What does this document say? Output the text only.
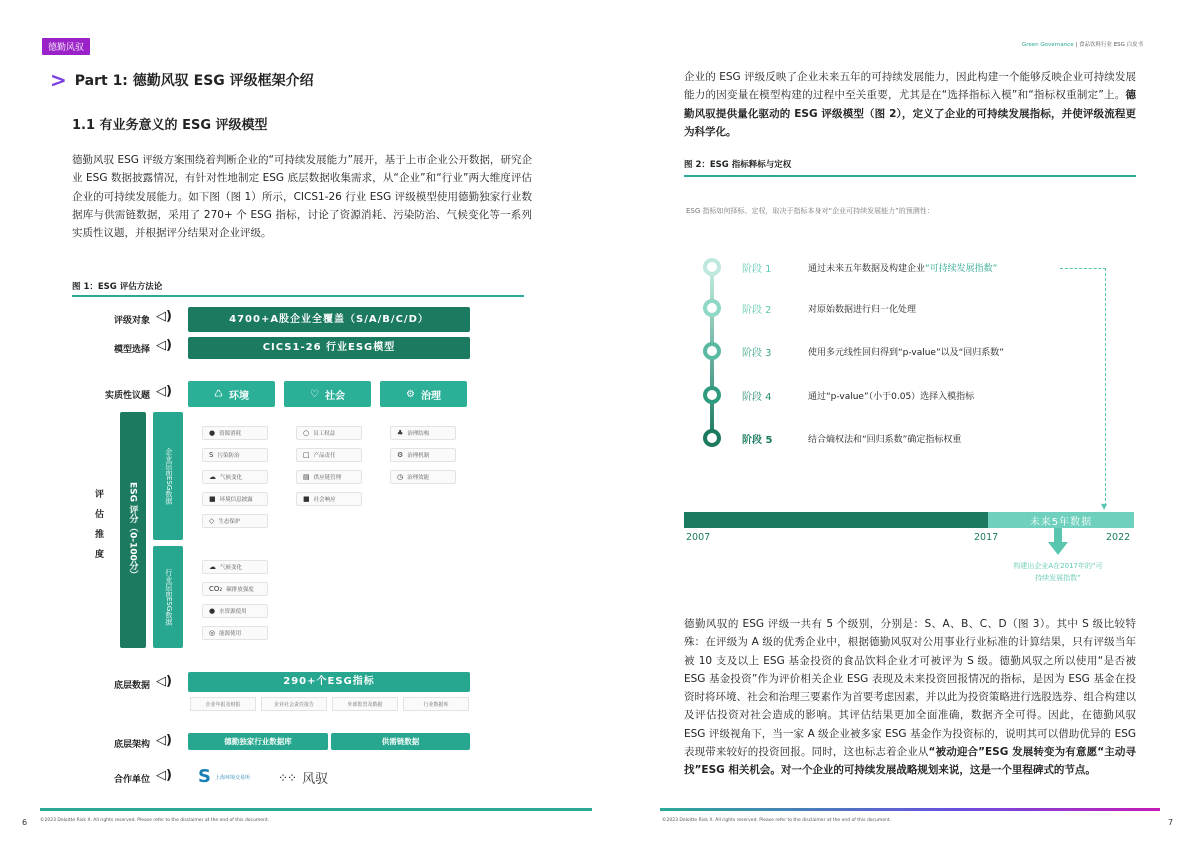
德勤风驭
> Part 1: 德勤风驭 ESG 评级框架介绍
1.1 有业务意义的 ESG 评级模型
德勤风驭 ESG 评级方案围绕着判断企业的“可持续发展能力”展开，基于上市企业公开数据，研究企业 ESG 数据披露情况，有针对性地制定 ESG 底层数据收集需求，从“企业”和“行业”两大维度评估企业的可持续发展能力。如下图（图 1）所示，CICS1-26 行业 ESG 评级模型使用德勤独家行业数据库与供需链数据，采用了 270+ 个 ESG 指标，讨论了资源消耗、污染防治、气候变化等一系列实质性议题，并根据评分结果对企业评级。
图 1：ESG 评估方法论
评级对象 ◁)	4700+A股企业全覆盖（S/A/B/C/D）
模型选择 ◁)	CICS1-26 行业ESG模型
实质性议题 ◁)	♺ 环境	♡ 社会	⚙ 治理
评
估
推
度	ESG 评分（0-100分）
企业层面ESG数据
行业层面ESG数据
● 资源消耗
S 污染防治
☁ 气候变化
■ 环境信息披露
◇ 生态保护
○ 员工权益
□ 产品责任
▤ 供应链管理
■ 社会响应
♣ 治理结构
⚙ 治理机制
◷ 治理效能
☁ 气候变化
CO₂ 碳排放强度
● 水资源使用
◎ 能源使用
底层数据 ◁)	290+个ESG指标
企业年报及财报	企业社会责任报告	外部監管及数据	行业数据库
底层架构 ◁)	德勤独家行业数据库	供需链数据
合作单位 ◁) S 上海环境交易所 ⁘⁘ 风驭
©2023 Deloitte Risk X. All rights reserved. Please refer to the disclaimer at the end of this document.
6
Green Governance | 食品饮料行业 ESG 白皮书
企业的 ESG 评级反映了企业未来五年的可持续发展能力，因此构建一个能够反映企业可持续发展能力的因变量在模型构建的过程中至关重要，尤其是在“选择指标入模”和“指标权重制定”上。德勤风驭提供量化驱动的 ESG 评级模型（图 2），定义了企业的可持续发展指标，并使评级流程更为科学化。
图 2：ESG 指标释标与定权
ESG 指标如何择标、定权，取决于指标本身对“企业可持续发展能力”的预测性：
阶段 1	通过未来五年数据及构建企业“可持续发展指数”
阶段 2	对原始数据进行归一化处理
阶段 3	使用多元线性回归得到“p-value”以及“回归系数”
阶段 4	通过“p-value”（小于0.05）选择入模指标
阶段 5	结合熵权法和“回归系数”确定指标权重
▼
未来5年数据
2007	2017	2022
构建出企业A在2017年的“可持续发展指数”
德勤风驭的 ESG 评级一共有 5 个级别，分别是：S、A、B、C、D（图 3）。其中 S 级比较特殊：在评级为 A 级的优秀企业中，根据德勤风驭对公用事业行业标准的计算结果，只有评级当年被 10 支及以上 ESG 基金投资的食品饮料企业才可被评为 S 级。德勤风驭之所以使用“是否被 ESG 基金投资”作为评价相关企业 ESG 表现及未来投资回报情况的指标，是因为 ESG 基金在投资时将环境、社会和治理三要素作为首要考虑因素，并以此为投资策略进行选股选券、组合构建以及评估投资对社会造成的影响。其评估结果更加全面准确，数据齐全可得。因此，在德勤风驭 ESG 评级视角下，当一家 A 级企业被多家 ESG 基金作为投资标的，说明其可以借助优异的 ESG 表现带来较好的投资回报。同时，这也标志着企业从“被动迎合”ESG 发展转变为有意愿“主动寻找”ESG 相关机会。对一个企业的可持续发展战略规划来说，这是一个里程碑式的节点。
©2023 Deloitte Risk X. All rights reserved. Please refer to the disclaimer at the end of this document.	7
